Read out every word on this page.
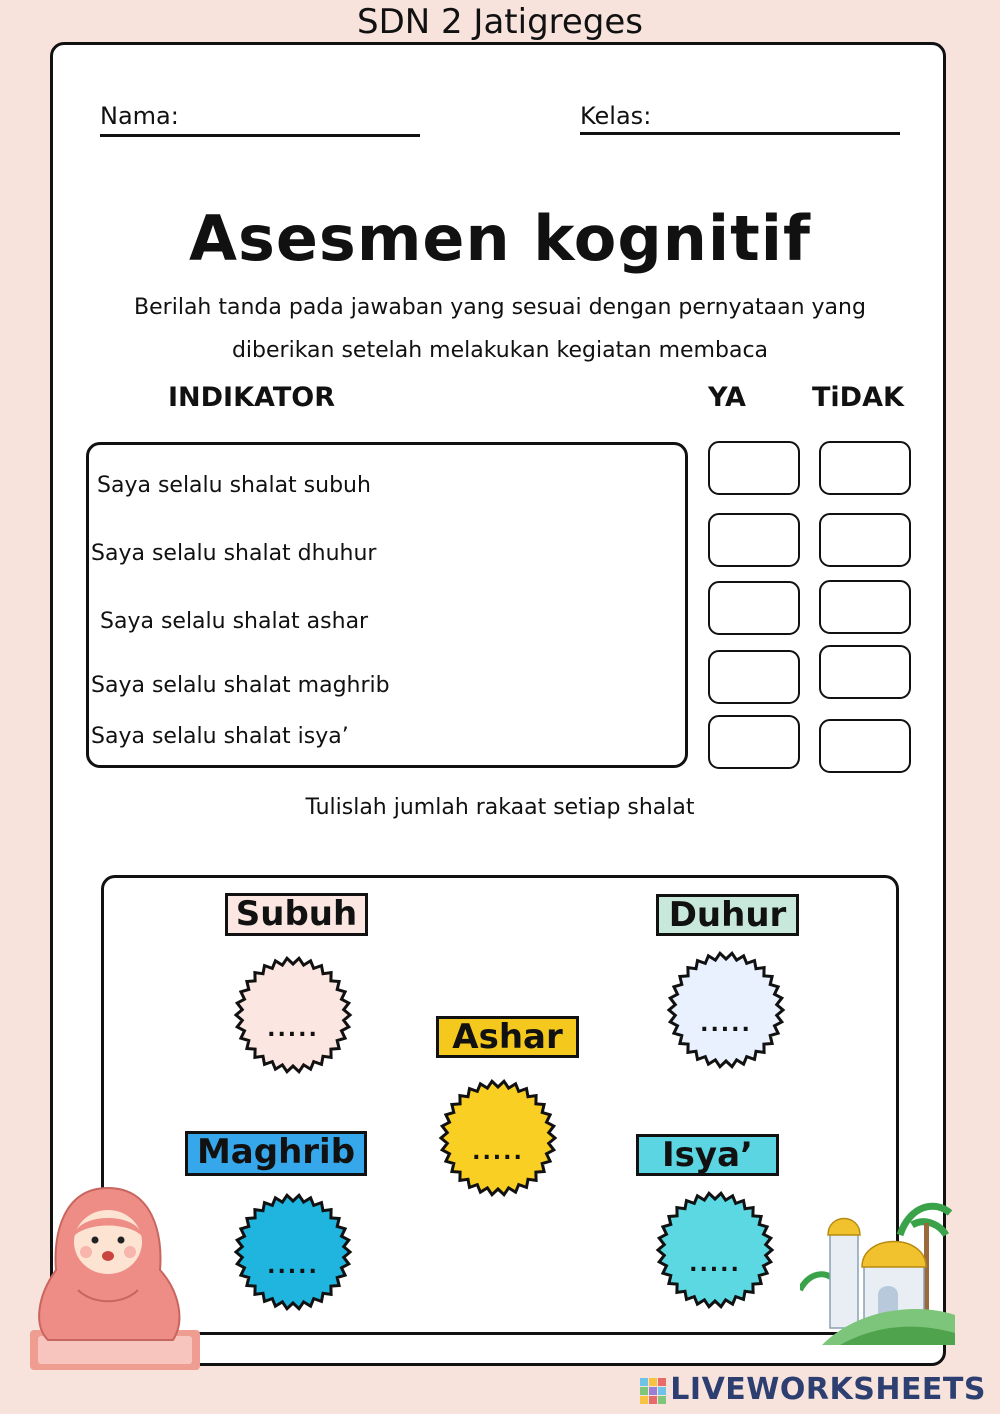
SDN 2 Jatigreges
Nama:	Kelas:
Asesmen kognitif
Berilah tanda pada jawaban yang sesuai dengan pernyataan yang
diberikan setelah melakukan kegiatan membaca
INDIKATOR	YA TiDAK
Saya selalu shalat subuh
Saya selalu shalat dhuhur
Saya selalu shalat ashar
Saya selalu shalat maghrib
Saya selalu shalat isya’
Tulislah jumlah rakaat setiap shalat
Subuh	Duhur
Ashar
Maghrib	Isya’
.....	.....
.....
.....	.....
LIVEWORKSHEETS
